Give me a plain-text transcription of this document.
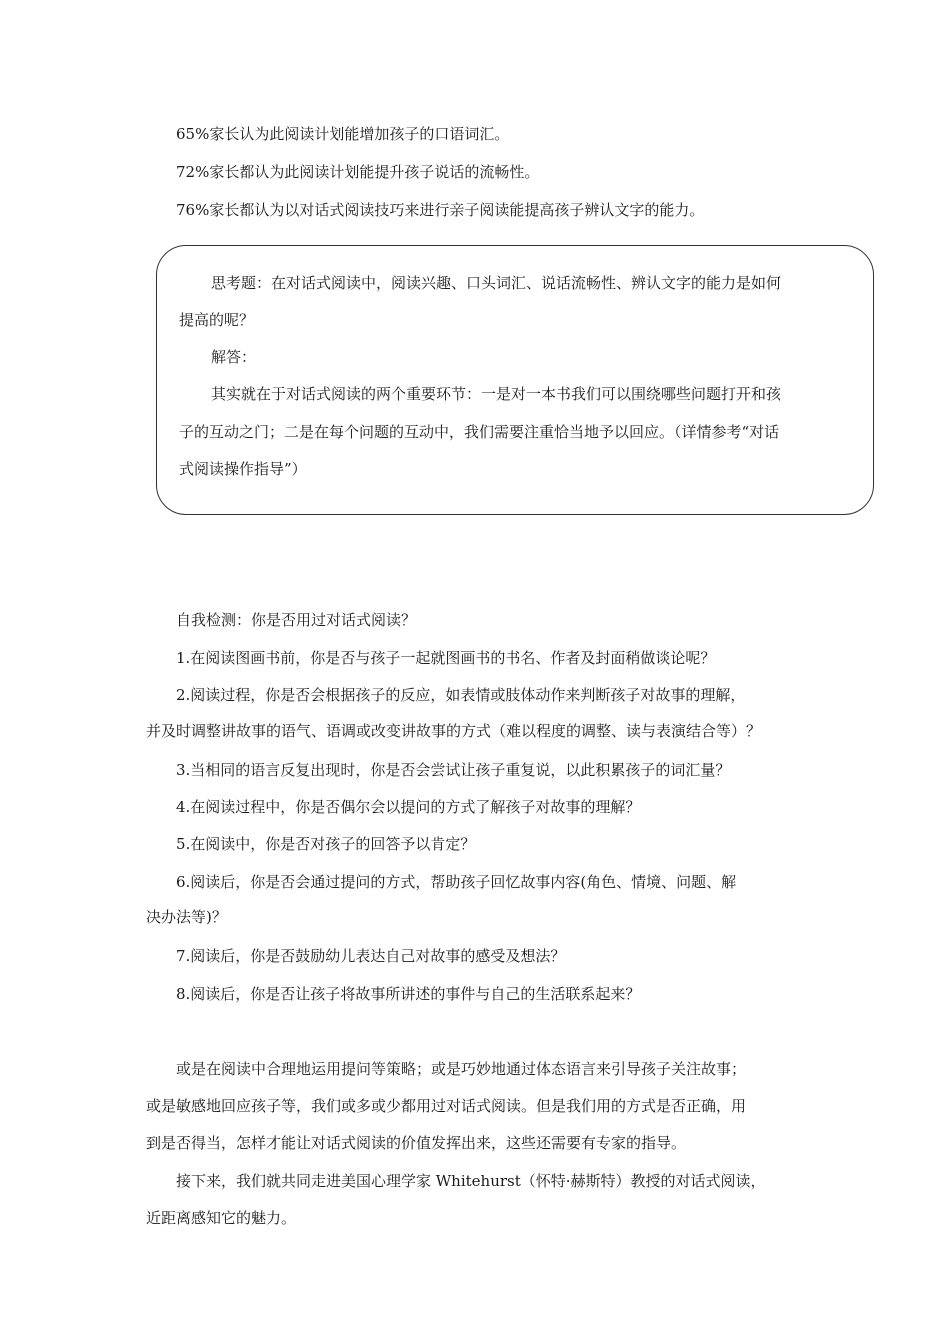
65%家长认为此阅读计划能增加孩子的口语词汇。
72%家长都认为此阅读计划能提升孩子说话的流畅性。
76%家长都认为以对话式阅读技巧来进行亲子阅读能提高孩子辨认文字的能力。
思考题：在对话式阅读中，阅读兴趣、口头词汇、说话流畅性、辨认文字的能力是如何
提高的呢？
解答：
其实就在于对话式阅读的两个重要环节：一是对一本书我们可以围绕哪些问题打开和孩
子的互动之门；二是在每个问题的互动中，我们需要注重恰当地予以回应。（详情参考“对话
式阅读操作指导”）
自我检测：你是否用过对话式阅读？
1.在阅读图画书前，你是否与孩子一起就图画书的书名、作者及封面稍做谈论呢？
2.阅读过程，你是否会根据孩子的反应，如表情或肢体动作来判断孩子对故事的理解，
并及时调整讲故事的语气、语调或改变讲故事的方式（难以程度的调整、读与表演结合等）？
3.当相同的语言反复出现时，你是否会尝试让孩子重复说，以此积累孩子的词汇量？
4.在阅读过程中，你是否偶尔会以提问的方式了解孩子对故事的理解？
5.在阅读中，你是否对孩子的回答予以肯定？
6.阅读后，你是否会通过提问的方式，帮助孩子回忆故事内容(角色、情境、问题、解
决办法等)？
7.阅读后，你是否鼓励幼儿表达自己对故事的感受及想法？
8.阅读后，你是否让孩子将故事所讲述的事件与自己的生活联系起来？
或是在阅读中合理地运用提问等策略；或是巧妙地通过体态语言来引导孩子关注故事；
或是敏感地回应孩子等，我们或多或少都用过对话式阅读。但是我们用的方式是否正确，用
到是否得当，怎样才能让对话式阅读的价值发挥出来，这些还需要有专家的指导。
接下来，我们就共同走进美国心理学家 Whitehurst（怀特·赫斯特）教授的对话式阅读，
近距离感知它的魅力。
